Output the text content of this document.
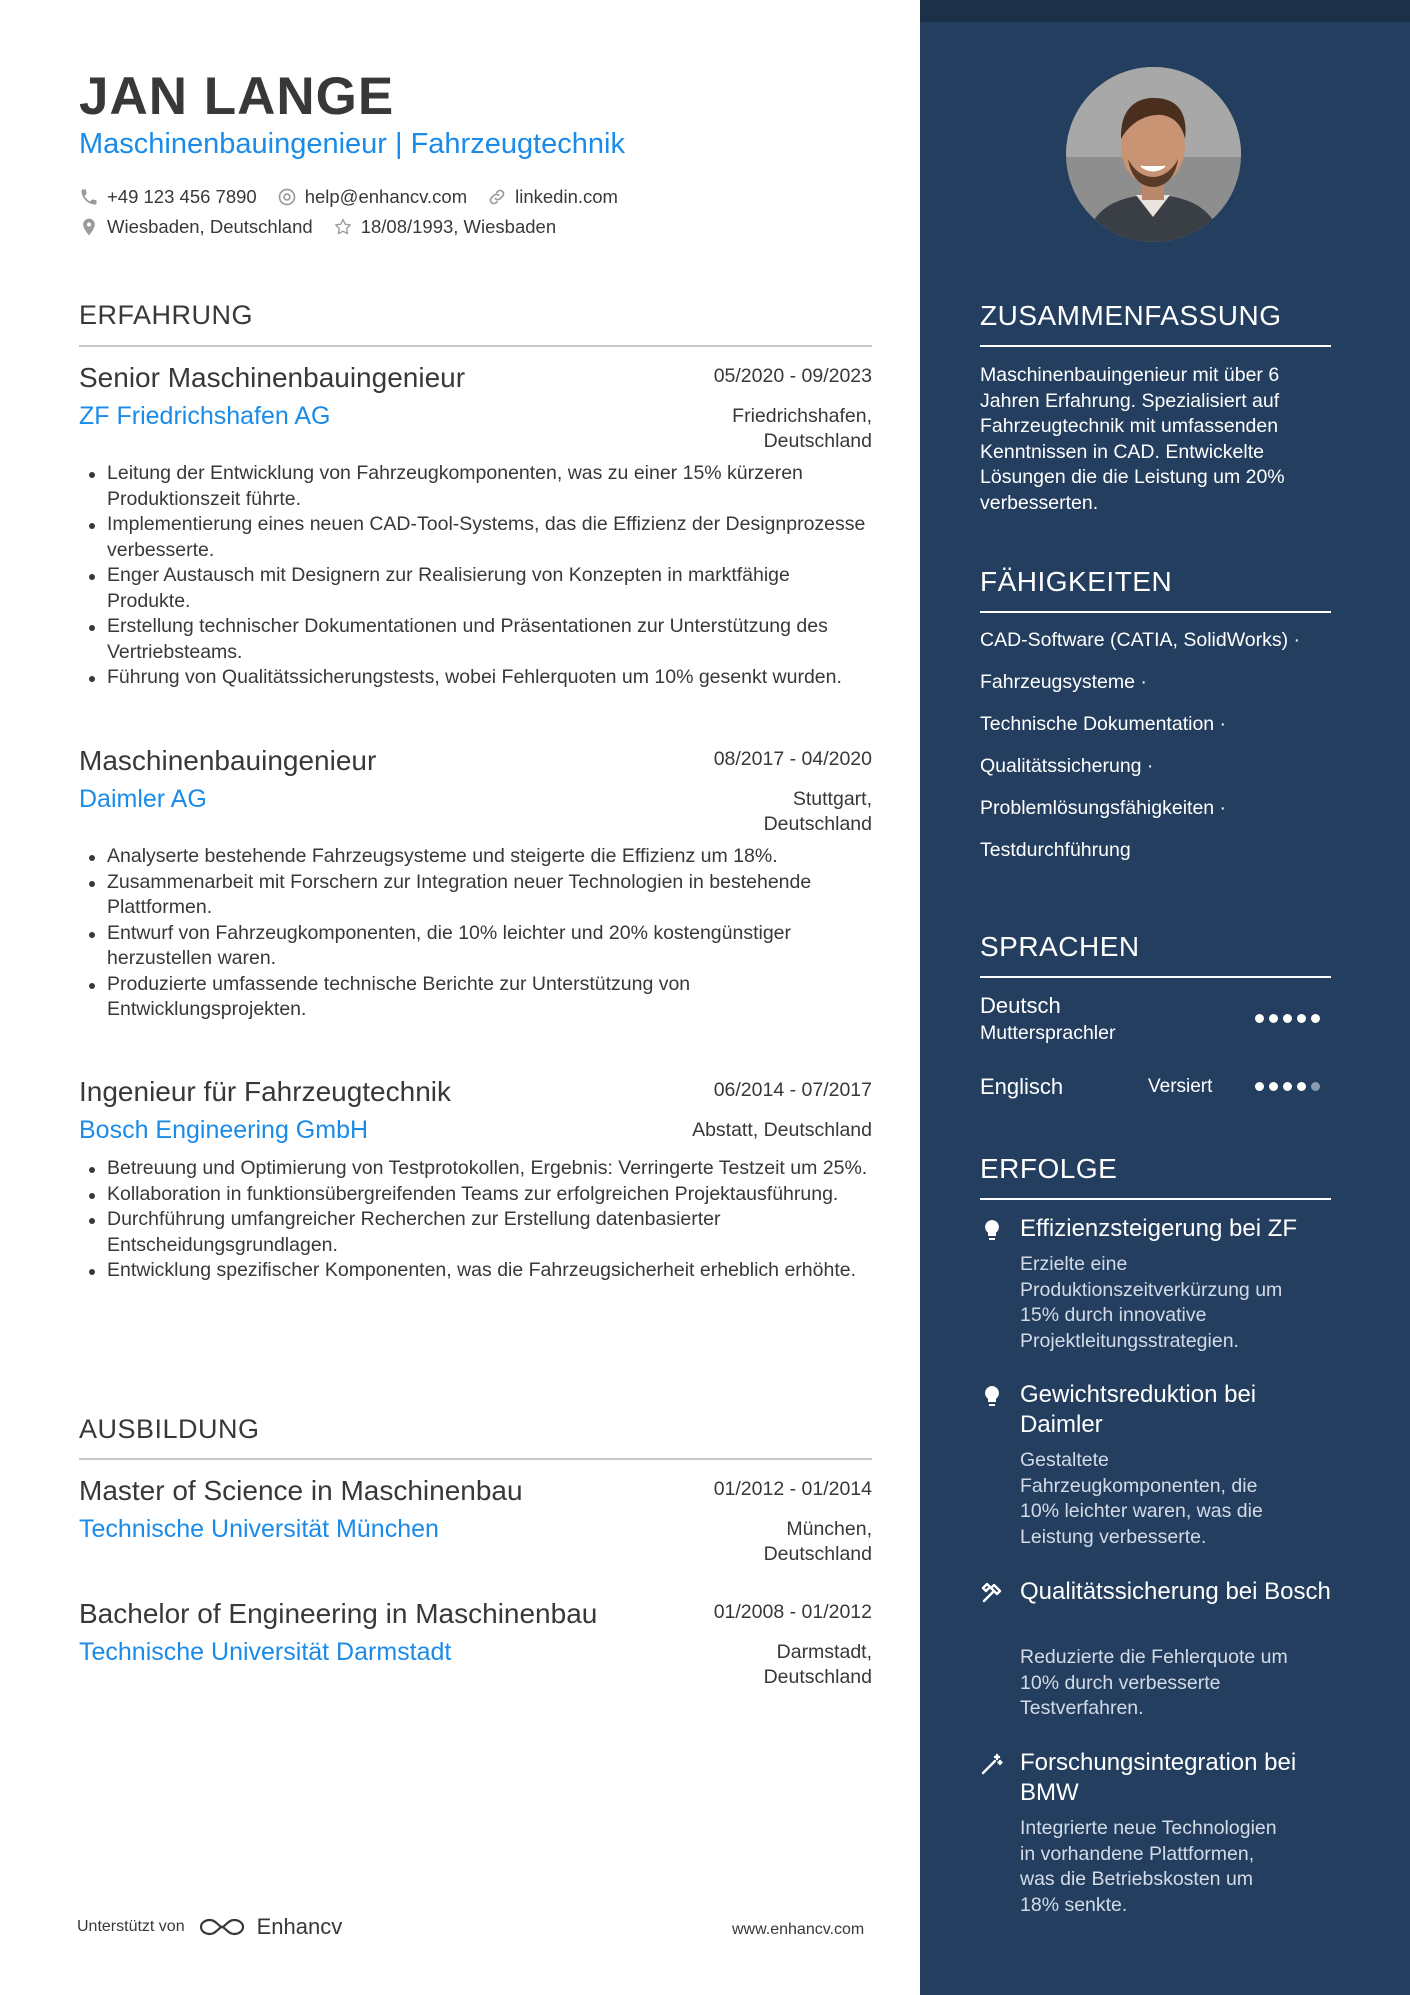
JAN LANGE
Maschinenbauingenieur | Fahrzeugtechnik
+49 123 456 7890	help@enhancv.com	linkedin.com
Wiesbaden, Deutschland	18/08/1993, Wiesbaden
ERFAHRUNG
Senior Maschinenbauingenieur	05/2020 - 09/2023
ZF Friedrichshafen AG	Friedrichshafen,
Deutschland
Leitung der Entwicklung von Fahrzeugkomponenten, was zu einer 15% kürzeren Produktionszeit führte.
Implementierung eines neuen CAD-Tool-Systems, das die Effizienz der Designprozesse verbesserte.
Enger Austausch mit Designern zur Realisierung von Konzepten in marktfähige Produkte.
Erstellung technischer Dokumentationen und Präsentationen zur Unterstützung des Vertriebsteams.
Führung von Qualitätssicherungstests, wobei Fehlerquoten um 10% gesenkt wurden.
Maschinenbauingenieur	08/2017 - 04/2020
Daimler AG	Stuttgart,
Deutschland
Analyserte bestehende Fahrzeugsysteme und steigerte die Effizienz um 18%.
Zusammenarbeit mit Forschern zur Integration neuer Technologien in bestehende Plattformen.
Entwurf von Fahrzeugkomponenten, die 10% leichter und 20% kostengünstiger herzustellen waren.
Produzierte umfassende technische Berichte zur Unterstützung von Entwicklungsprojekten.
Ingenieur für Fahrzeugtechnik	06/2014 - 07/2017
Bosch Engineering GmbH	Abstatt, Deutschland
Betreuung und Optimierung von Testprotokollen, Ergebnis: Verringerte Testzeit um 25%.
Kollaboration in funktionsübergreifenden Teams zur erfolgreichen Projektausführung.
Durchführung umfangreicher Recherchen zur Erstellung datenbasierter Entscheidungsgrundlagen.
Entwicklung spezifischer Komponenten, was die Fahrzeugsicherheit erheblich erhöhte.
AUSBILDUNG
Master of Science in Maschinenbau	01/2012 - 01/2014
Technische Universität München	München,
Deutschland
Bachelor of Engineering in Maschinenbau	01/2008 - 01/2012
Technische Universität Darmstadt	Darmstadt,
Deutschland
Unterstützt von	Enhancv	www.enhancv.com
ZUSAMMENFASSUNG
Maschinenbauingenieur mit über 6
Jahren Erfahrung. Spezialisiert auf
Fahrzeugtechnik mit umfassenden
Kenntnissen in CAD. Entwickelte
Lösungen die die Leistung um 20%
verbesserten.
FÄHIGKEITEN
CAD-Software (CATIA, SolidWorks) ·
Fahrzeugsysteme ·
Technische Dokumentation ·
Qualitätssicherung ·
Problemlösungsfähigkeiten ·
Testdurchführung
SPRACHEN
Deutsch
Muttersprachler
Englisch	Versiert
ERFOLGE
Effizienzsteigerung bei ZF
Erzielte eine
Produktionszeitverkürzung um
15% durch innovative
Projektleitungsstrategien.
Gewichtsreduktion bei Daimler
Gestaltete
Fahrzeugkomponenten, die
10% leichter waren, was die
Leistung verbesserte.
Qualitätssicherung bei Bosch
Reduzierte die Fehlerquote um
10% durch verbesserte
Testverfahren.
Forschungsintegration bei BMW
Integrierte neue Technologien
in vorhandene Plattformen,
was die Betriebskosten um
18% senkte.
